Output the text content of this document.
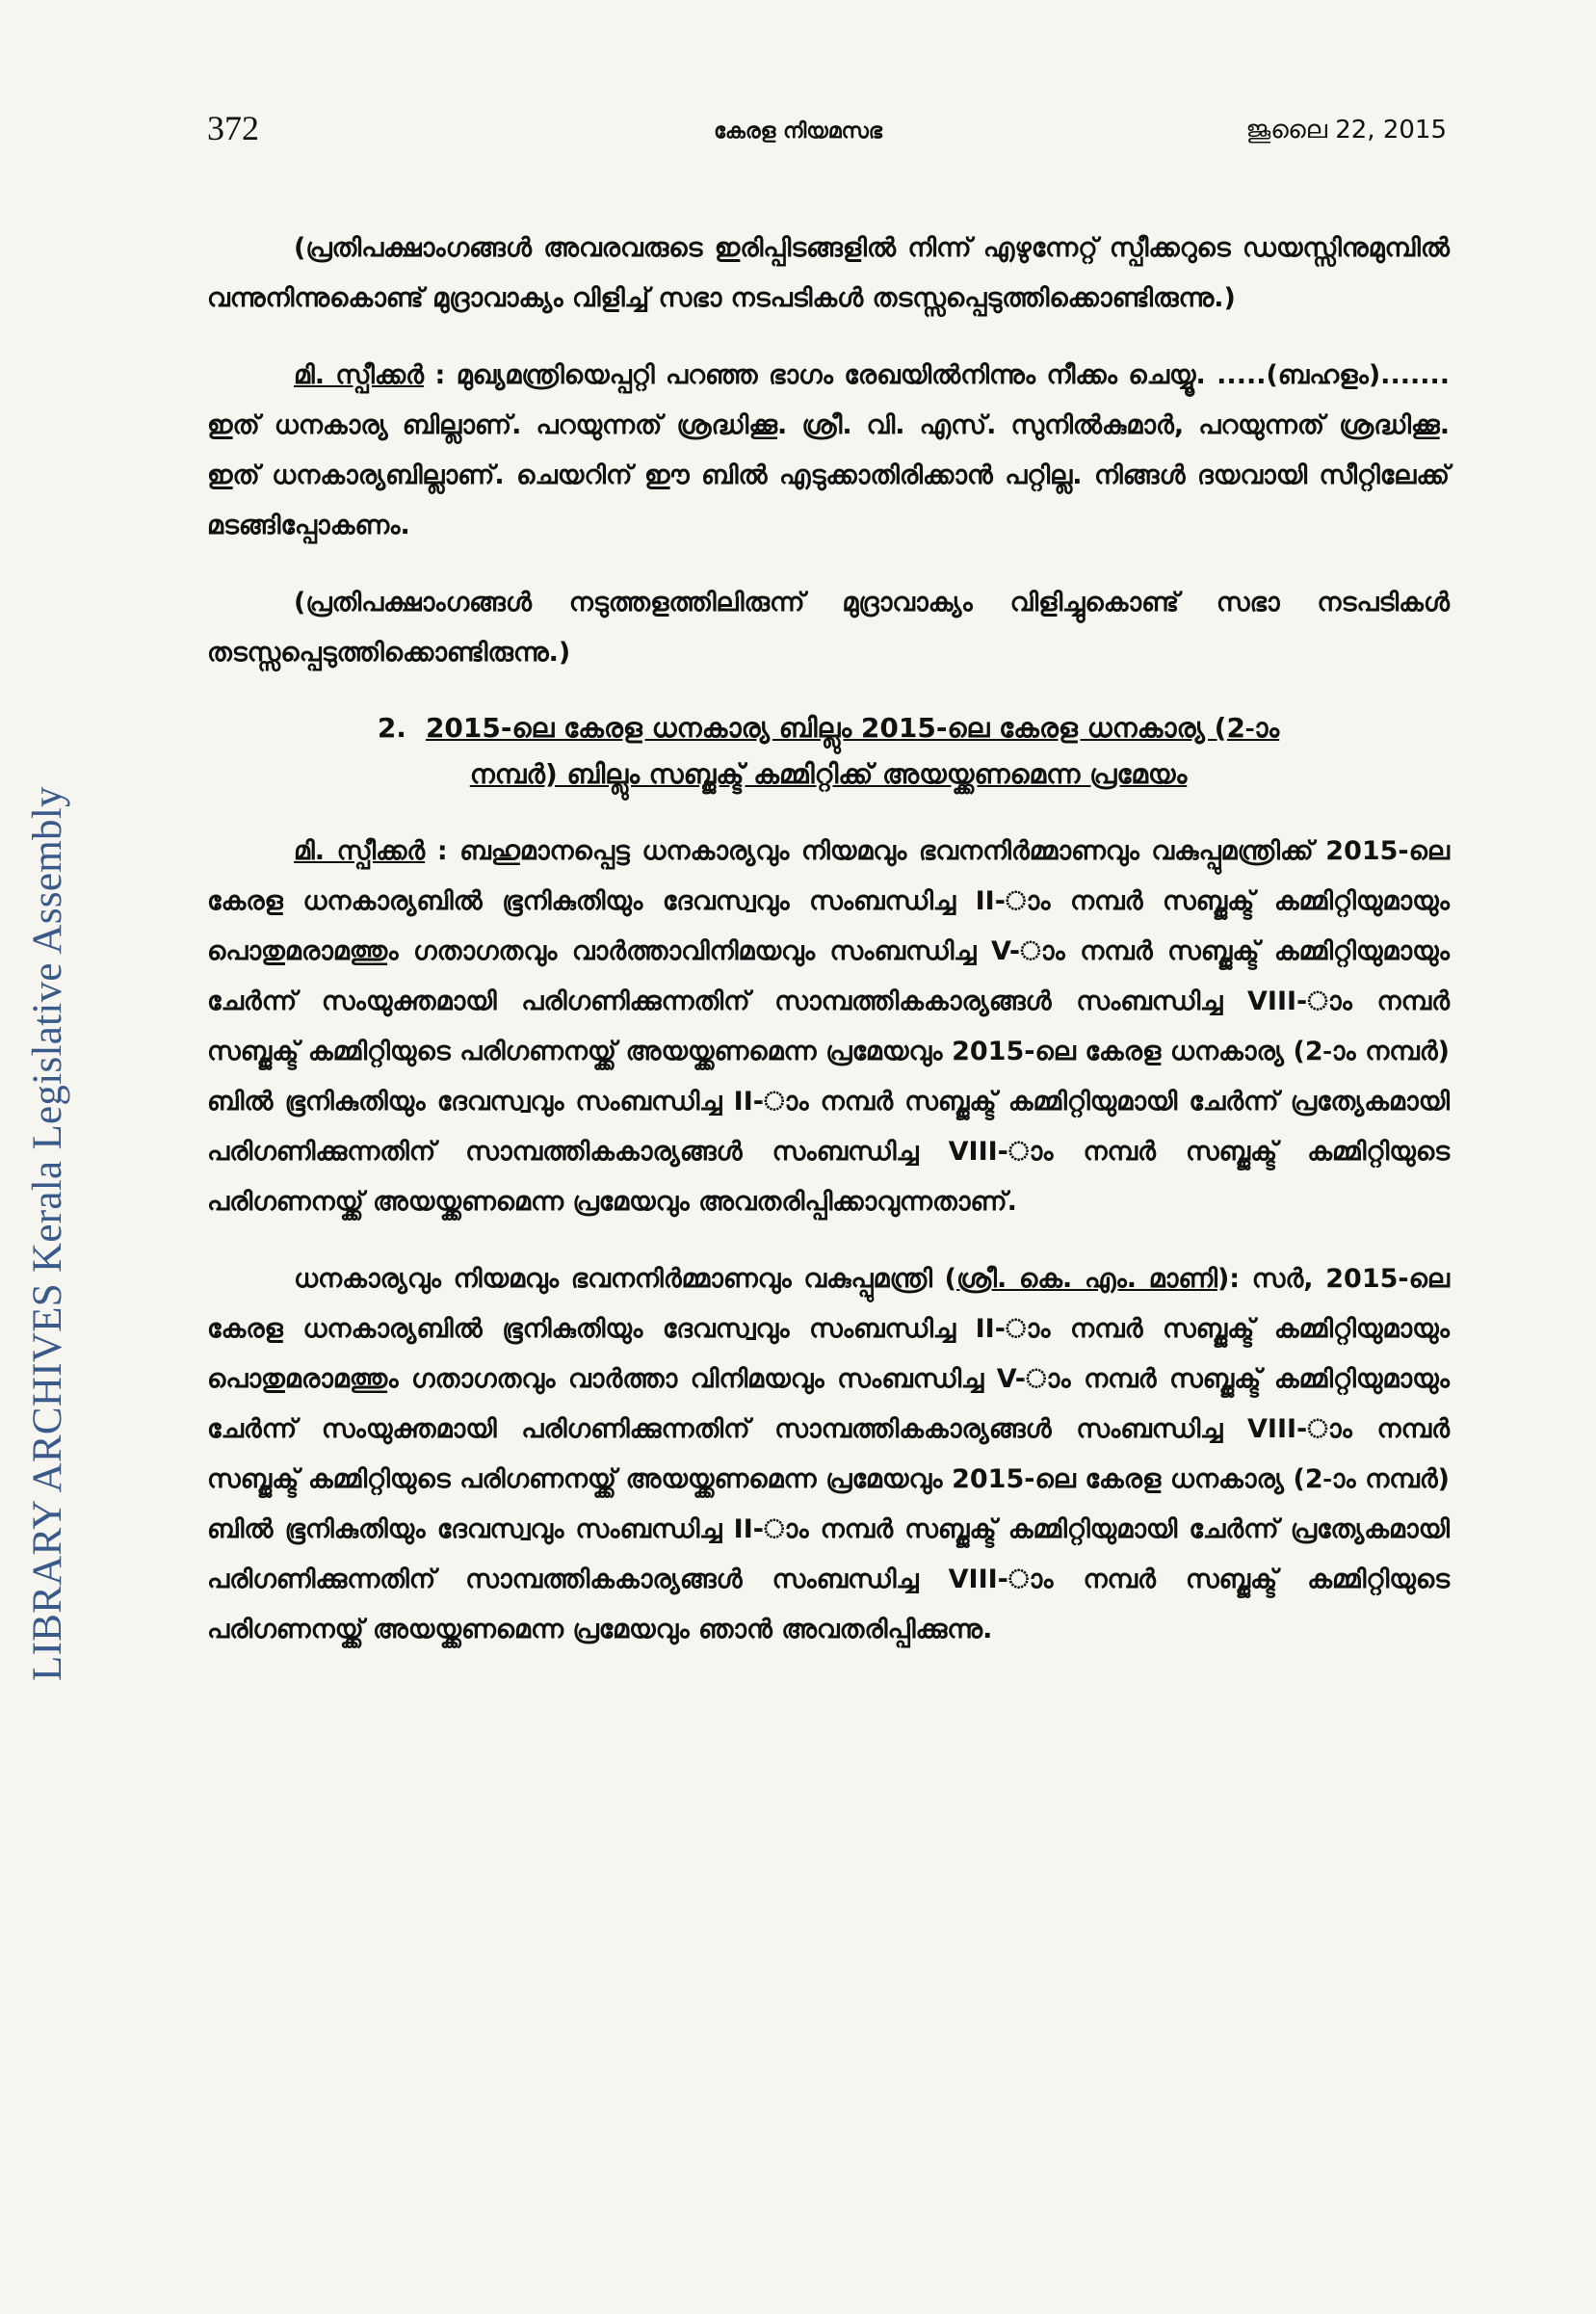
372	കേരള നിയമസഭ	ജൂലൈ 22, 2015
LIBRARY ARCHIVES Kerala Legislative Assembly

(പ്രതിപക്ഷാംഗങ്ങൾ അവരവരുടെ ഇരിപ്പിടങ്ങളിൽ നിന്ന് എഴുന്നേറ്റ് സ്പീക്കറുടെ ഡയസ്സിനുമുമ്പിൽ വന്നുനിന്നുകൊണ്ട് മുദ്രാവാക്യം വിളിച്ച് സഭാ നടപടികൾ തടസ്സപ്പെടുത്തിക്കൊണ്ടിരുന്നു.)

മി. സ്പീക്കർ : മുഖ്യമന്ത്രിയെപ്പറ്റി പറഞ്ഞ ഭാഗം രേഖയിൽനിന്നും നീക്കം ചെയ്യൂ. .....(ബഹളം)....... ഇത് ധനകാര്യ ബില്ലാണ്. പറയുന്നത് ശ്രദ്ധിക്കൂ. ശ്രീ. വി. എസ്. സുനിൽകുമാർ, പറയുന്നത് ശ്രദ്ധിക്കൂ. ഇത് ധനകാര്യബില്ലാണ്. ചെയറിന് ഈ ബിൽ എടുക്കാതിരിക്കാൻ പറ്റില്ല. നിങ്ങൾ ദയവായി സീറ്റിലേക്ക് മടങ്ങിപ്പോകണം.

(പ്രതിപക്ഷാംഗങ്ങൾ നടുത്തളത്തിലിരുന്ന് മുദ്രാവാക്യം വിളിച്ചുകൊണ്ട് സഭാ നടപടികൾ തടസ്സപ്പെടുത്തിക്കൊണ്ടിരുന്നു.)

2. 2015-ലെ കേരള ധനകാര്യ ബില്ലും 2015-ലെ കേരള ധനകാര്യ (2-ാം
നമ്പർ) ബില്ലും സബ്ജക്ട് കമ്മിറ്റിക്ക് അയയ്ക്കണമെന്ന പ്രമേയം

മി. സ്പീക്കർ : ബഹുമാനപ്പെട്ട ധനകാര്യവും നിയമവും ഭവനനിർമ്മാണവും വകുപ്പുമന്ത്രിക്ക് 2015-ലെ കേരള ധനകാര്യബിൽ ഭൂനികുതിയും ദേവസ്വവും സംബന്ധിച്ച II-ാം നമ്പർ സബ്ജക്ട് കമ്മിറ്റിയുമായും പൊതുമരാമത്തും ഗതാഗതവും വാർത്താവിനിമയവും സംബന്ധിച്ച V-ാം നമ്പർ സബ്ജക്ട് കമ്മിറ്റിയുമായും ചേർന്ന് സംയുക്തമായി പരിഗണിക്കുന്നതിന് സാമ്പത്തികകാര്യങ്ങൾ സംബന്ധിച്ച VIII-ാം നമ്പർ സബ്ജക്ട് കമ്മിറ്റിയുടെ പരിഗണനയ്ക്ക് അയയ്ക്കണമെന്ന പ്രമേയവും 2015-ലെ കേരള ധനകാര്യ (2-ാം നമ്പർ) ബിൽ ഭൂനികുതിയും ദേവസ്വവും സംബന്ധിച്ച II-ാം നമ്പർ സബ്ജക്ട് കമ്മിറ്റിയുമായി ചേർന്ന് പ്രത്യേകമായി പരിഗണിക്കുന്നതിന് സാമ്പത്തികകാര്യങ്ങൾ സംബന്ധിച്ച VIII-ാം നമ്പർ സബ്ജക്ട് കമ്മിറ്റിയുടെ പരിഗണനയ്ക്ക് അയയ്ക്കണമെന്ന പ്രമേയവും അവതരിപ്പിക്കാവുന്നതാണ്.

ധനകാര്യവും നിയമവും ഭവനനിർമ്മാണവും വകുപ്പുമന്ത്രി (ശ്രീ. കെ. എം. മാണി): സർ, 2015-ലെ കേരള ധനകാര്യബിൽ ഭൂനികുതിയും ദേവസ്വവും സംബന്ധിച്ച II-ാം നമ്പർ സബ്ജക്ട് കമ്മിറ്റിയുമായും പൊതുമരാമത്തും ഗതാഗതവും വാർത്താ വിനിമയവും സംബന്ധിച്ച V-ാം നമ്പർ സബ്ജക്ട് കമ്മിറ്റിയുമായും ചേർന്ന് സംയുക്തമായി പരിഗണിക്കുന്നതിന് സാമ്പത്തികകാര്യങ്ങൾ സംബന്ധിച്ച VIII-ാം നമ്പർ സബ്ജക്ട് കമ്മിറ്റിയുടെ പരിഗണനയ്ക്ക് അയയ്ക്കണമെന്ന പ്രമേയവും 2015-ലെ കേരള ധനകാര്യ (2-ാം നമ്പർ) ബിൽ ഭൂനികുതിയും ദേവസ്വവും സംബന്ധിച്ച II-ാം നമ്പർ സബ്ജക്ട് കമ്മിറ്റിയുമായി ചേർന്ന് പ്രത്യേകമായി പരിഗണിക്കുന്നതിന് സാമ്പത്തികകാര്യങ്ങൾ സംബന്ധിച്ച VIII-ാം നമ്പർ സബ്ജക്ട് കമ്മിറ്റിയുടെ പരിഗണനയ്ക്ക് അയയ്ക്കണമെന്ന പ്രമേയവും ഞാൻ അവതരിപ്പിക്കുന്നു.
